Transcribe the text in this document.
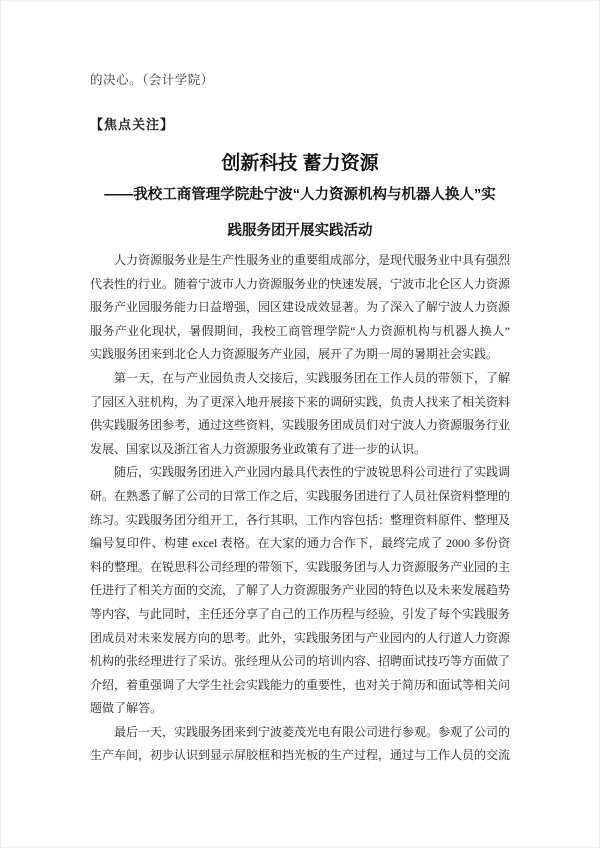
的决心。（会计学院）
【焦点关注】
创新科技 蓄力资源
——我校工商管理学院赴宁波“人力资源机构与机器人换人”实
践服务团开展实践活动
人力资源服务业是生产性服务业的重要组成部分，是现代服务业中具有强烈
代表性的行业。随着宁波市人力资源服务业的快速发展，宁波市北仑区人力资源
服务产业园服务能力日益增强，园区建设成效显著。为了深入了解宁波人力资源
服务产业化现状，暑假期间，我校工商管理学院“人力资源机构与机器人换人”
实践服务团来到北仑人力资源服务产业园，展开了为期一周的暑期社会实践。
第一天，在与产业园负责人交接后，实践服务团在工作人员的带领下，了解
了园区入驻机构，为了更深入地开展接下来的调研实践，负责人找来了相关资料
供实践服务团参考，通过这些资料，实践服务团成员们对宁波人力资源服务行业
发展、国家以及浙江省人力资源服务业政策有了进一步的认识。
随后，实践服务团进入产业园内最具代表性的宁波锐思科公司进行了实践调
研。在熟悉了解了公司的日常工作之后，实践服务团进行了人员社保资料整理的
练习。实践服务团分组开工，各行其职，工作内容包括：整理资料原件、整理及
编号复印件、构建 excel 表格。在大家的通力合作下，最终完成了 2000 多份资
料的整理。在锐思科公司经理的带领下，实践服务团与人力资源服务产业园的主
任进行了相关方面的交流，了解了人力资源服务产业园的特色以及未来发展趋势
等内容，与此同时，主任还分享了自己的工作历程与经验，引发了每个实践服务
团成员对未来发展方向的思考。此外，实践服务团与产业园内的人行道人力资源
机构的张经理进行了采访。张经理从公司的培训内容、招聘面试技巧等方面做了
介绍，着重强调了大学生社会实践能力的重要性，也对关于简历和面试等相关问
题做了解答。
最后一天，实践服务团来到宁波菱茂光电有限公司进行参观。参观了公司的
生产车间，初步认识到显示屏胶框和挡光板的生产过程，通过与工作人员的交流
